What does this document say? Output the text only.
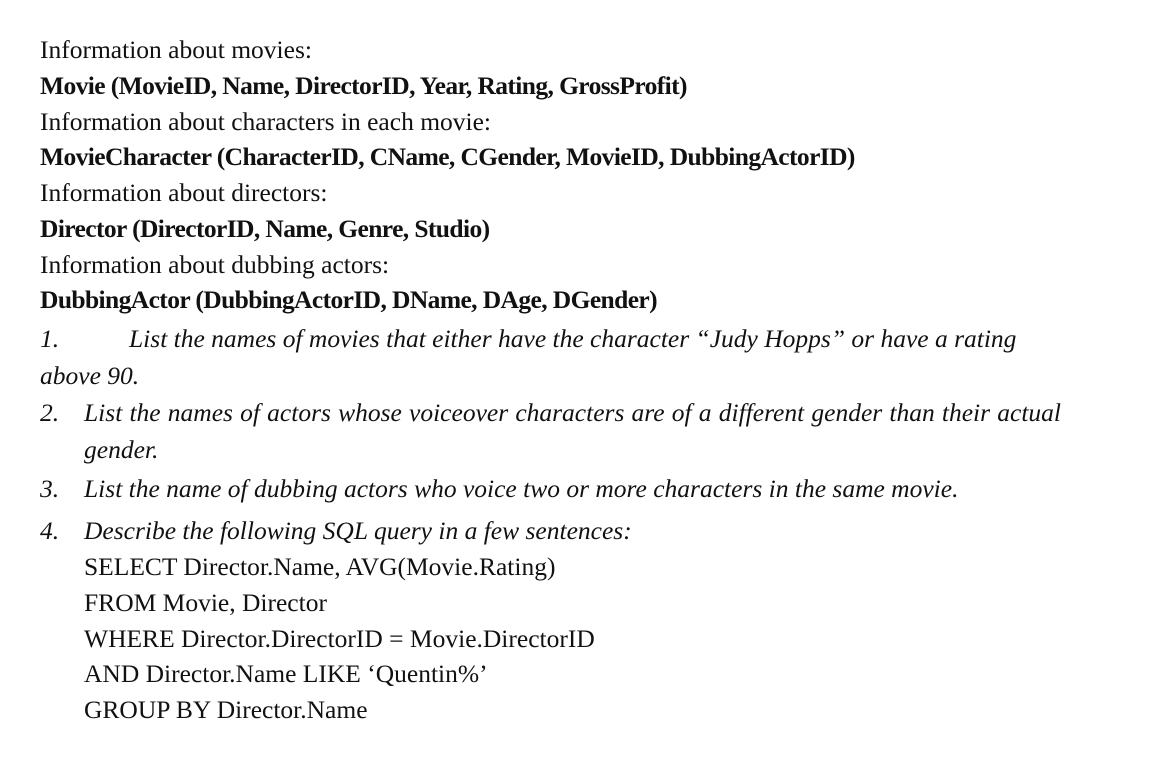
Information about movies:
Movie (MovieID, Name, DirectorID, Year, Rating, GrossProfit)
Information about characters in each movie:
MovieCharacter (CharacterID, CName, CGender, MovieID, DubbingActorID)
Information about directors:
Director (DirectorID, Name, Genre, Studio)
Information about dubbing actors:
DubbingActor (DubbingActorID, DName, DAge, DGender)
1.	List the names of movies that either have the character “Judy Hopps” or have a rating
above 90.
2. List the names of actors whose voiceover characters are of a different gender than their actual gender.
3. List the name of dubbing actors who voice two or more characters in the same movie.
4. Describe the following SQL query in a few sentences:
SELECT Director.Name, AVG(Movie.Rating)
FROM Movie, Director
WHERE Director.DirectorID = Movie.DirectorID
AND Director.Name LIKE ‘Quentin%’
GROUP BY Director.Name
